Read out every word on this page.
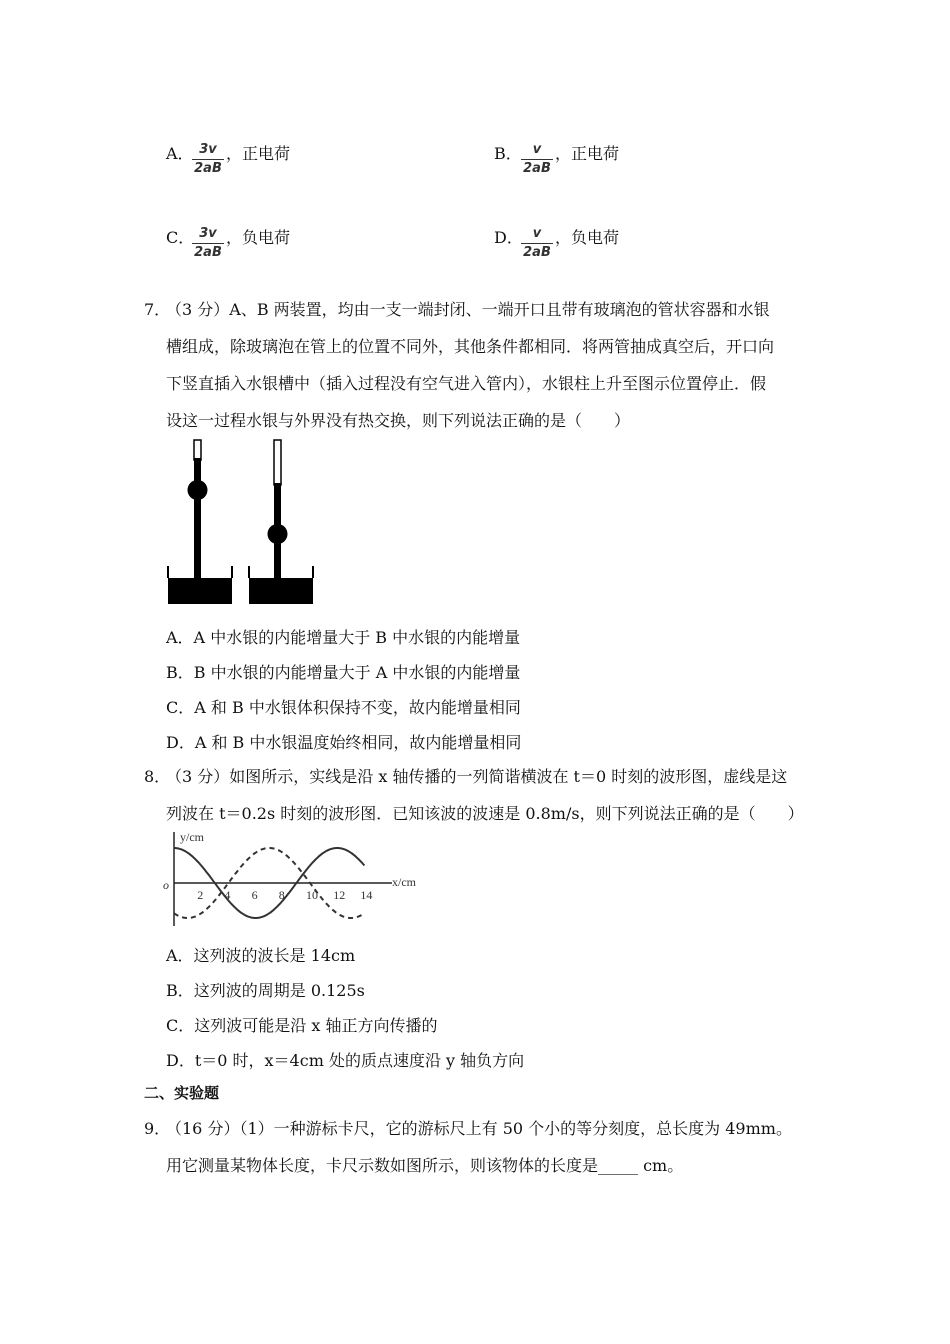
A． 3v
2aB
，正电荷	B． v
2aB
，正电荷
C． 3v
2aB
，负电荷	D． v
2aB
，负电荷
7．
（3 分）A、B 两装置，均由一支一端封闭、一端开口且带有玻璃泡的管状容器和水银
槽组成，除玻璃泡在管上的位置不同外，其他条件都相同．将两管抽成真空后，开口向
下竖直插入水银槽中（插入过程没有空气进入管内），水银柱上升至图示位置停止．假
设这一过程水银与外界没有热交换，则下列说法正确的是（　　）
A．A 中水银的内能增量大于 B 中水银的内能增量
B．B 中水银的内能增量大于 A 中水银的内能增量
C．A 和 B 中水银体积保持不变，故内能增量相同
D．A 和 B 中水银温度始终相同，故内能增量相同
8．
（3 分）如图所示，实线是沿 x 轴传播的一列简谐横波在 t＝0 时刻的波形图，虚线是这
列波在 t＝0.2s 时刻的波形图．已知该波的波速是 0.8m/s，则下列说法正确的是（　　）
y/cm
x/cm
o
2 4 6 8 10 12 14
A．这列波的波长是 14cm
B．这列波的周期是 0.125s
C．这列波可能是沿 x 轴正方向传播的
D．t＝0 时，x＝4cm 处的质点速度沿 y 轴负方向
二、实验题
9．
（16 分）（1）一种游标卡尺，它的游标尺上有 50 个小的等分刻度，总长度为 49mm。
用它测量某物体长度，卡尺示数如图所示，则该物体的长度是_____ cm。
